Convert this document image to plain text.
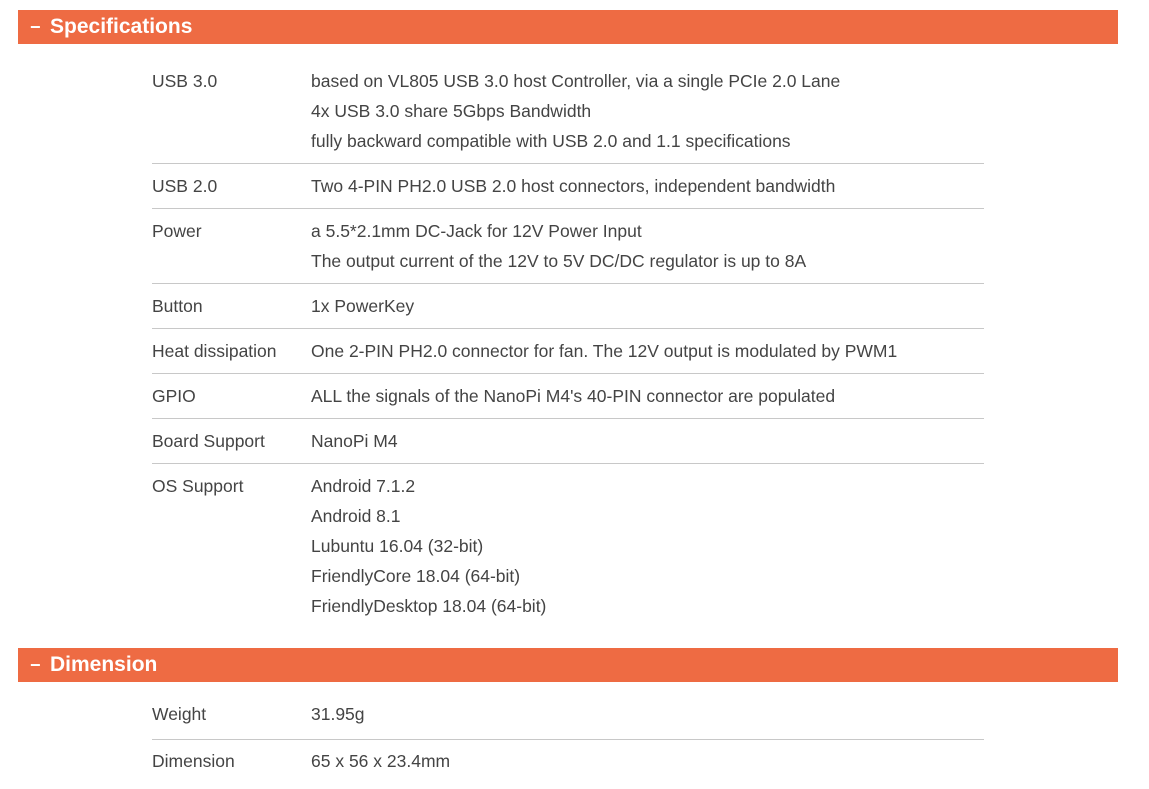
− Specifications
USB 3.0	based on VL805 USB 3.0 host Controller, via a single PCIe 2.0 Lane
4x USB 3.0 share 5Gbps Bandwidth
fully backward compatible with USB 2.0 and 1.1 specifications
USB 2.0	Two 4-PIN PH2.0 USB 2.0 host connectors, independent bandwidth
Power	a 5.5*2.1mm DC-Jack for 12V Power Input
The output current of the 12V to 5V DC/DC regulator is up to 8A
Button	1x PowerKey
Heat dissipation	One 2-PIN PH2.0 connector for fan. The 12V output is modulated by PWM1
GPIO	ALL the signals of the NanoPi M4's 40-PIN connector are populated
Board Support	NanoPi M4
OS Support	Android 7.1.2
Android 8.1
Lubuntu 16.04 (32-bit)
FriendlyCore 18.04 (64-bit)
FriendlyDesktop 18.04 (64-bit)
− Dimension
Weight	31.95g
Dimension	65 x 56 x 23.4mm
